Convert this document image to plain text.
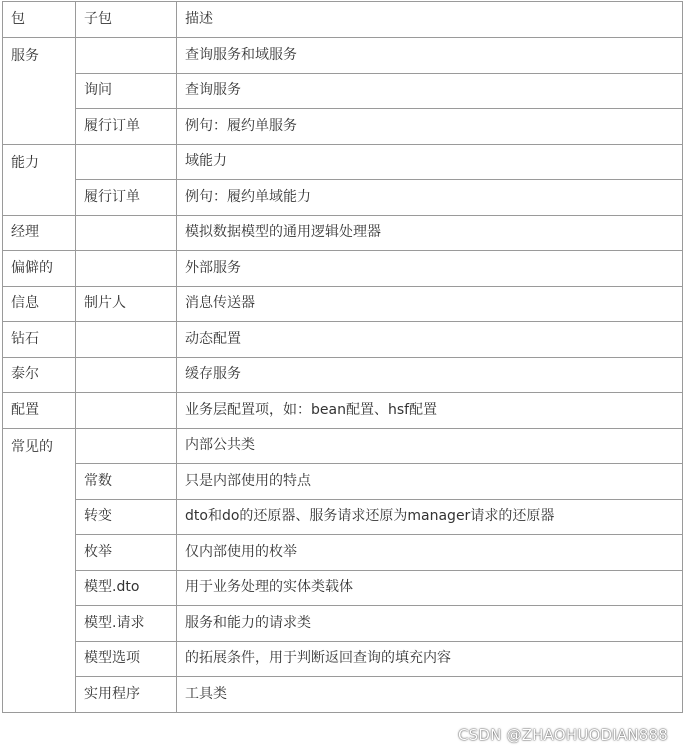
包	子包	描述
服务		查询服务和域服务
	询问	查询服务
	履行订单	例句：履约单服务
能力		域能力
	履行订单	例句：履约单域能力
经理		模拟数据模型的通用逻辑处理器
偏僻的		外部服务
信息	制片人	消息传送器
钻石		动态配置
泰尔		缓存服务
配置		业务层配置项，如：bean配置、hsf配置
常见的		内部公共类
	常数	只是内部使用的特点
	转变	dto和do的还原器、服务请求还原为manager请求的还原器
	枚举	仅内部使用的枚举
	模型.dto	用于业务处理的实体类载体
	模型.请求	服务和能力的请求类
	模型选项	的拓展条件，用于判断返回查询的填充内容
	实用程序	工具类
CSDN @ZHAOHUODIAN888
